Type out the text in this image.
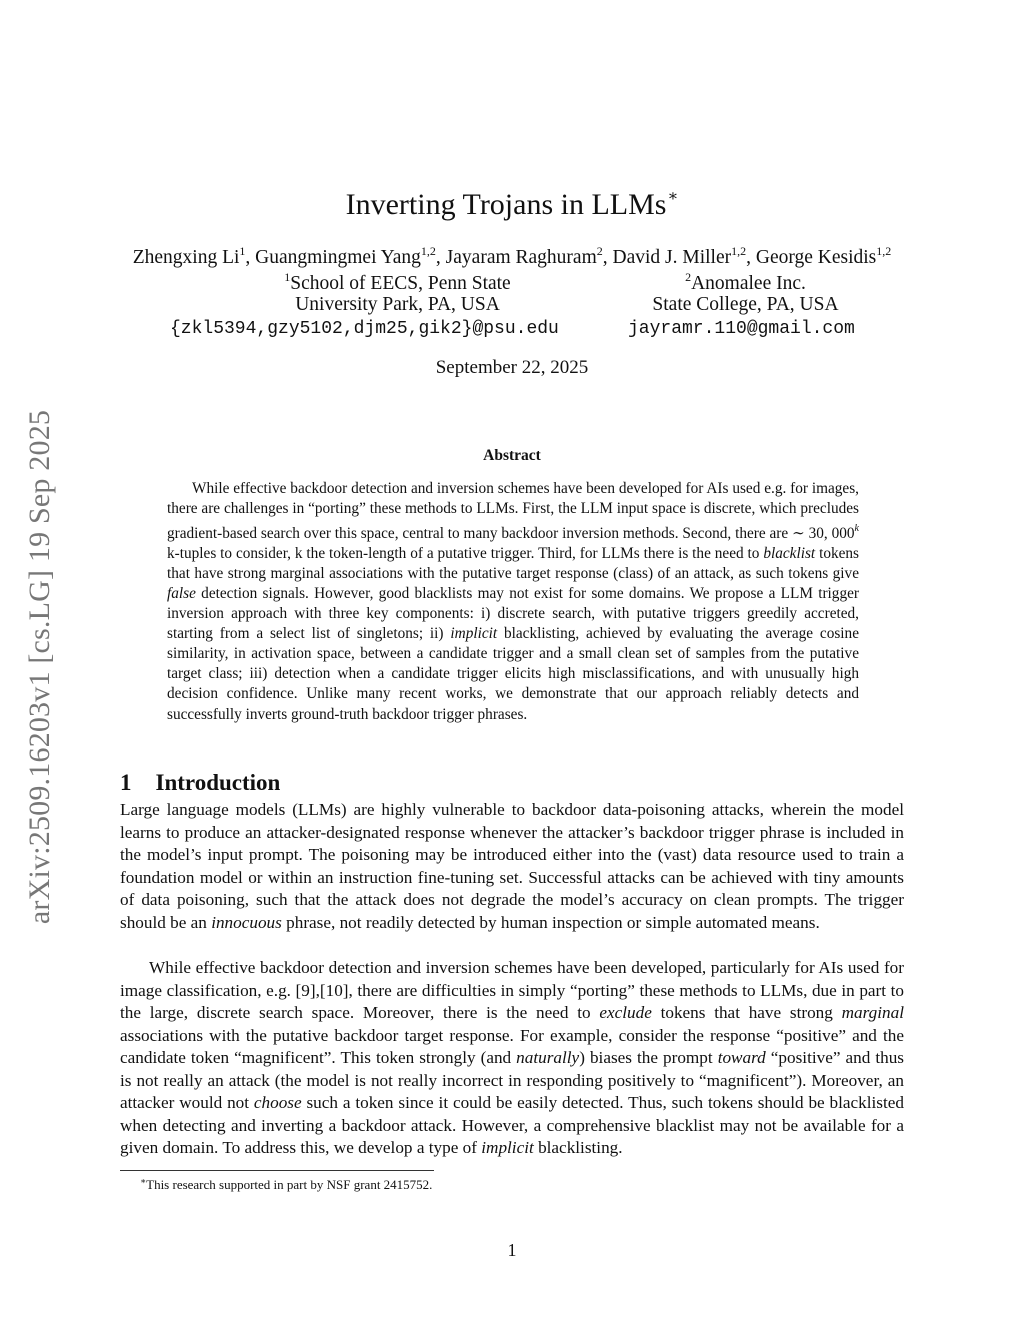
arXiv:2509.16203v1 [cs.LG] 19 Sep 2025
Inverting Trojans in LLMs∗
Zhengxing Li$^1$, Guangmingmei Yang$^{1,2}$, Jayaram Raghuram$^2$, David J. Miller$^{1,2}$, George Kesidis$^{1,2}$
$^1$School of EECS, Penn State
University Park, PA, USA
{zkl5394,gzy5102,djm25,gik2}@psu.edu
$^2$Anomalee Inc.
State College, PA, USA
jayramr.110@gmail.com
September 22, 2025
Abstract
While effective backdoor detection and inversion schemes have been developed for AIs used e.g. for images, there are challenges in “porting” these methods to LLMs. First, the LLM input space is discrete, which precludes gradient-based search over this space, central to many backdoor inversion methods. Second, there are ∼ 30, 000$^k$ k-tuples to consider, k the token-length of a putative trigger. Third, for LLMs there is the need to blacklist tokens that have strong marginal associations with the putative target response (class) of an attack, as such tokens give false detection signals. However, good blacklists may not exist for some domains. We propose a LLM trigger inversion approach with three key components: i) discrete search, with putative triggers greedily accreted, starting from a select list of singletons; ii) implicit blacklisting, achieved by evaluating the average cosine similarity, in activation space, between a candidate trigger and a small clean set of samples from the putative target class; iii) detection when a candidate trigger elicits high misclassifications, and with unusually high decision confidence. Unlike many recent works, we demonstrate that our approach reliably detects and successfully inverts ground-truth backdoor trigger phrases.
1 Introduction
Large language models (LLMs) are highly vulnerable to backdoor data-poisoning attacks, wherein the model learns to produce an attacker-designated response whenever the attacker’s backdoor trigger phrase is included in the model’s input prompt. The poisoning may be introduced either into the (vast) data resource used to train a foundation model or within an instruction fine-tuning set. Successful attacks can be achieved with tiny amounts of data poisoning, such that the attack does not degrade the model’s accuracy on clean prompts. The trigger should be an innocuous phrase, not readily detected by human inspection or simple automated means.
While effective backdoor detection and inversion schemes have been developed, particularly for AIs used for image classification, e.g. [9],[10], there are difficulties in simply “porting” these methods to LLMs, due in part to the large, discrete search space. Moreover, there is the need to exclude tokens that have strong marginal associations with the putative backdoor target response. For example, consider the response “positive” and the candidate token “magnificent”. This token strongly (and naturally) biases the prompt toward “positive” and thus is not really an attack (the model is not really incorrect in responding positively to “magnificent”). Moreover, an attacker would not choose such a token since it could be easily detected. Thus, such tokens should be blacklisted when detecting and inverting a backdoor attack. However, a comprehensive blacklist may not be available for a given domain. To address this, we develop a type of implicit blacklisting.
∗This research supported in part by NSF grant 2415752.
1
